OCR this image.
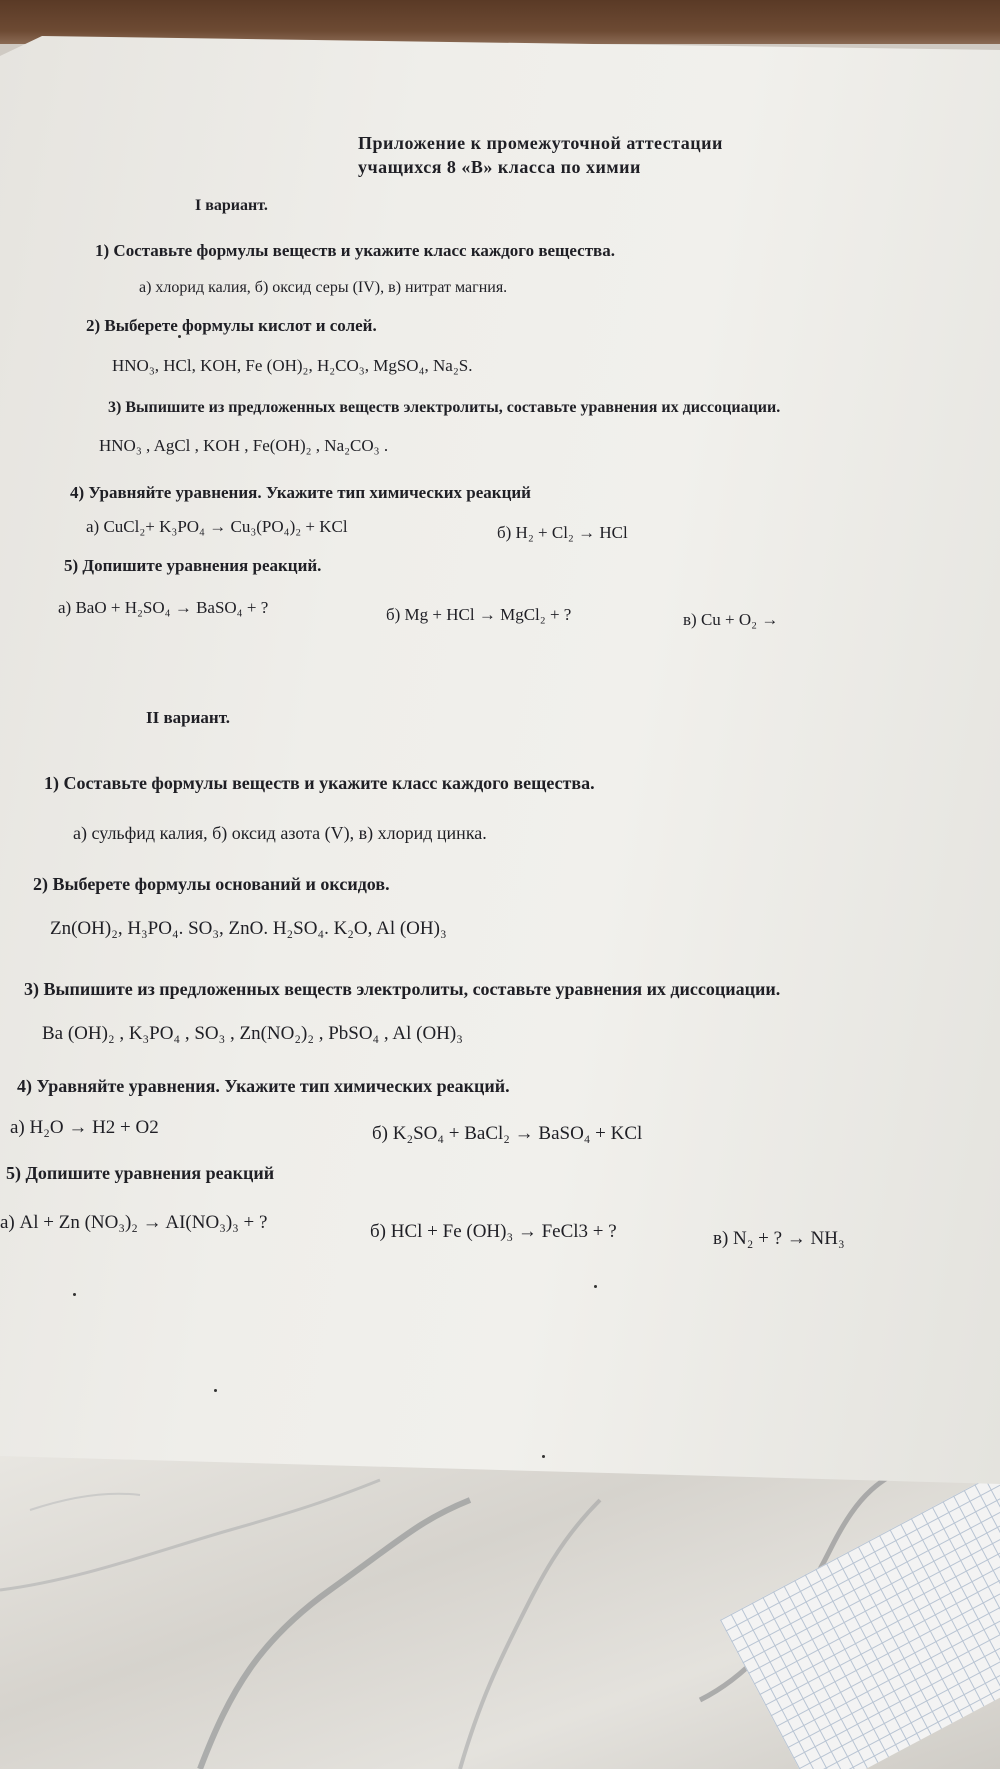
Приложение к промежуточной аттестации
учащихся 8 «В» класса по химии
I вариант.
1) Составьте формулы веществ и укажите класс каждого вещества.
а) хлорид калия, б) оксид серы (IV), в) нитрат магния.
2) Выберете формулы кислот и солей.
HNO₃, HCl, KOH, Fe (OH)₂, H₂CO₃, MgSO₄, Na₂S.
3) Выпишите из предложенных веществ электролиты, составьте уравнения их диссоциации.
HNO₃ , AgCl , KOH , Fe(OH)₂ , Na₂CO₃ .
4) Уравняйте уравнения. Укажите тип химических реакций
а) CuCl₂+ K₃PO₄ → Cu₃(PO₄)₂ + KCl	б) H₂ + Cl₂ → HCl
5) Допишите уравнения реакций.
а) BaO + H₂SO₄ → BaSO₄ + ?	б) Mg + HCl → MgCl₂ + ?	в) Cu + O₂ →
II вариант.
1) Составьте формулы веществ и укажите класс каждого вещества.
а) сульфид калия, б) оксид азота (V), в) хлорид цинка.
2) Выберете формулы оснований и оксидов.
Zn(OH)₂, H₃PO₄. SO₃, ZnO. H₂SO₄. K₂O, Al (OH)₃
3) Выпишите из предложенных веществ электролиты, составьте уравнения их диссоциации.
Ba (OH)₂ , K₃PO₄ , SO₃ , Zn(NO₂)₂ , PbSO₄ , Al (OH)₃
4) Уравняйте уравнения. Укажите тип химических реакций.
а) H₂O → H2 + O2	б) K₂SO₄ + BaCl₂ → BaSO₄ + KCl
5) Допишите уравнения реакций
а) Al + Zn (NO₃)₂ → AI(NO₃)₃ + ?	б) HCl + Fe (OH)₃ → FeCl3 + ?	в) N₂ + ? → NH₃
